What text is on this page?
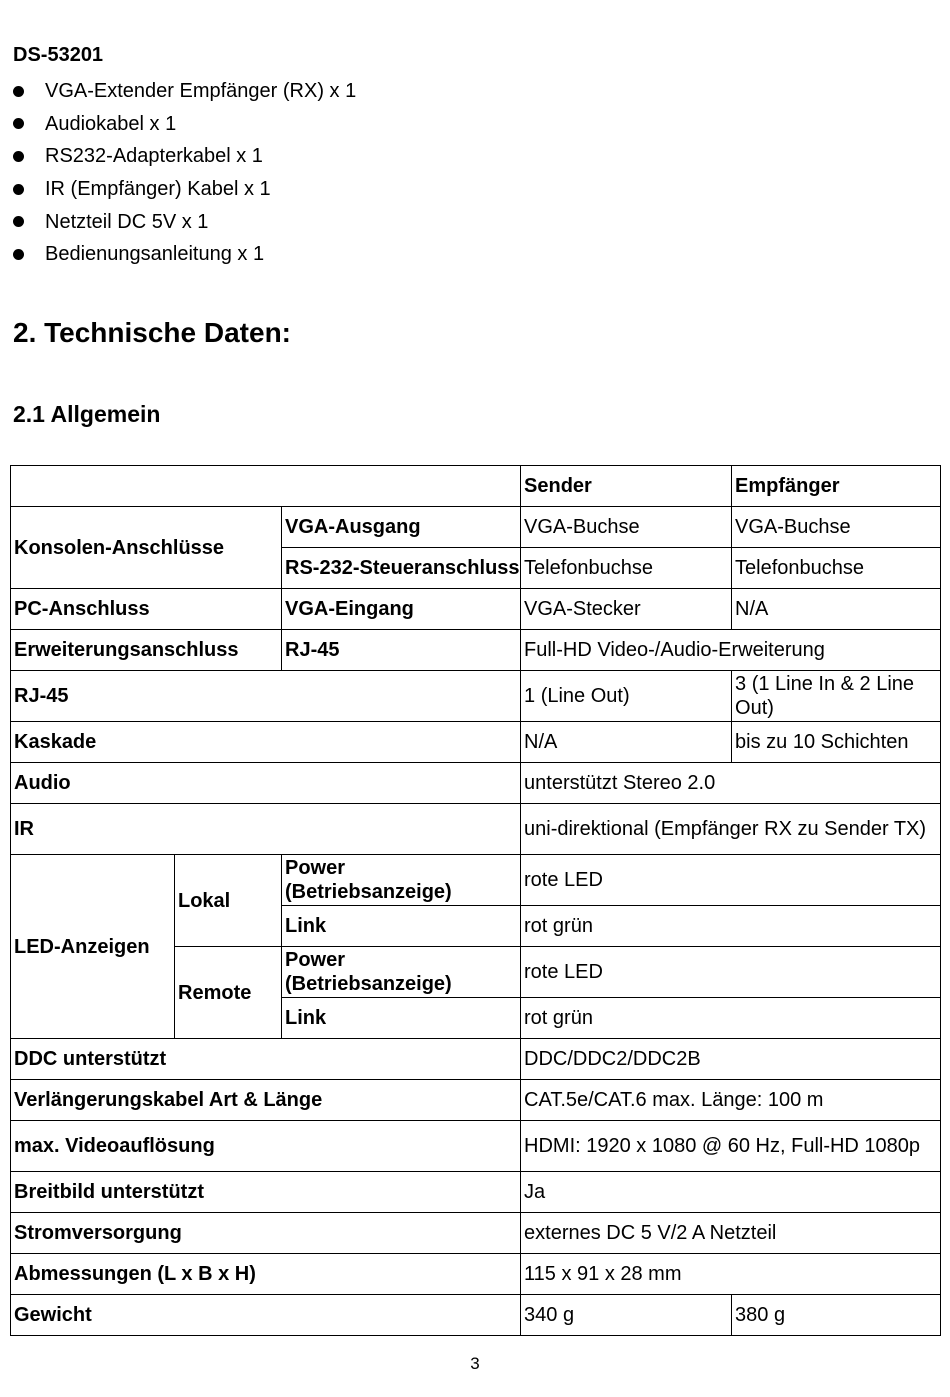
DS-53201
VGA-Extender Empfänger (RX) x 1
Audiokabel x 1
RS232-Adapterkabel x 1
IR (Empfänger) Kabel x 1
Netzteil DC 5V x 1
Bedienungsanleitung x 1
2. Technische Daten:
2.1 Allgemein
			Sender	Empfänger
Konsolen-Anschlüsse		VGA-Ausgang	VGA-Buchse	VGA-Buchse
		RS-232-Steueranschluss	Telefonbuchse	Telefonbuchse
PC-Anschluss		VGA-Eingang	VGA-Stecker	N/A
Erweiterungsanschluss		RJ-45	Full-HD Video-/Audio-Erweiterung	
RJ-45			1 (Line Out)	3 (1 Line In & 2 Line Out)
Kaskade			N/A	bis zu 10 Schichten
Audio			unterstützt Stereo 2.0	
IR			uni-direktional (Empfänger RX zu Sender TX)	
LED-Anzeigen	Lokal	Power (Betriebsanzeige)	rote LED	
		Link	rot grün	
	Remote	Power (Betriebsanzeige)	rote LED	
		Link	rot grün	
DDC unterstützt			DDC/DDC2/DDC2B	
Verlängerungskabel Art & Länge			CAT.5e/CAT.6 max. Länge: 100 m	
max. Videoauflösung			HDMI: 1920 x 1080 @ 60 Hz, Full-HD 1080p	
Breitbild unterstützt			Ja	
Stromversorgung			externes DC 5 V/2 A Netzteil	
Abmessungen (L x B x H)			115 x 91 x 28 mm	
Gewicht			340 g	380 g
3
